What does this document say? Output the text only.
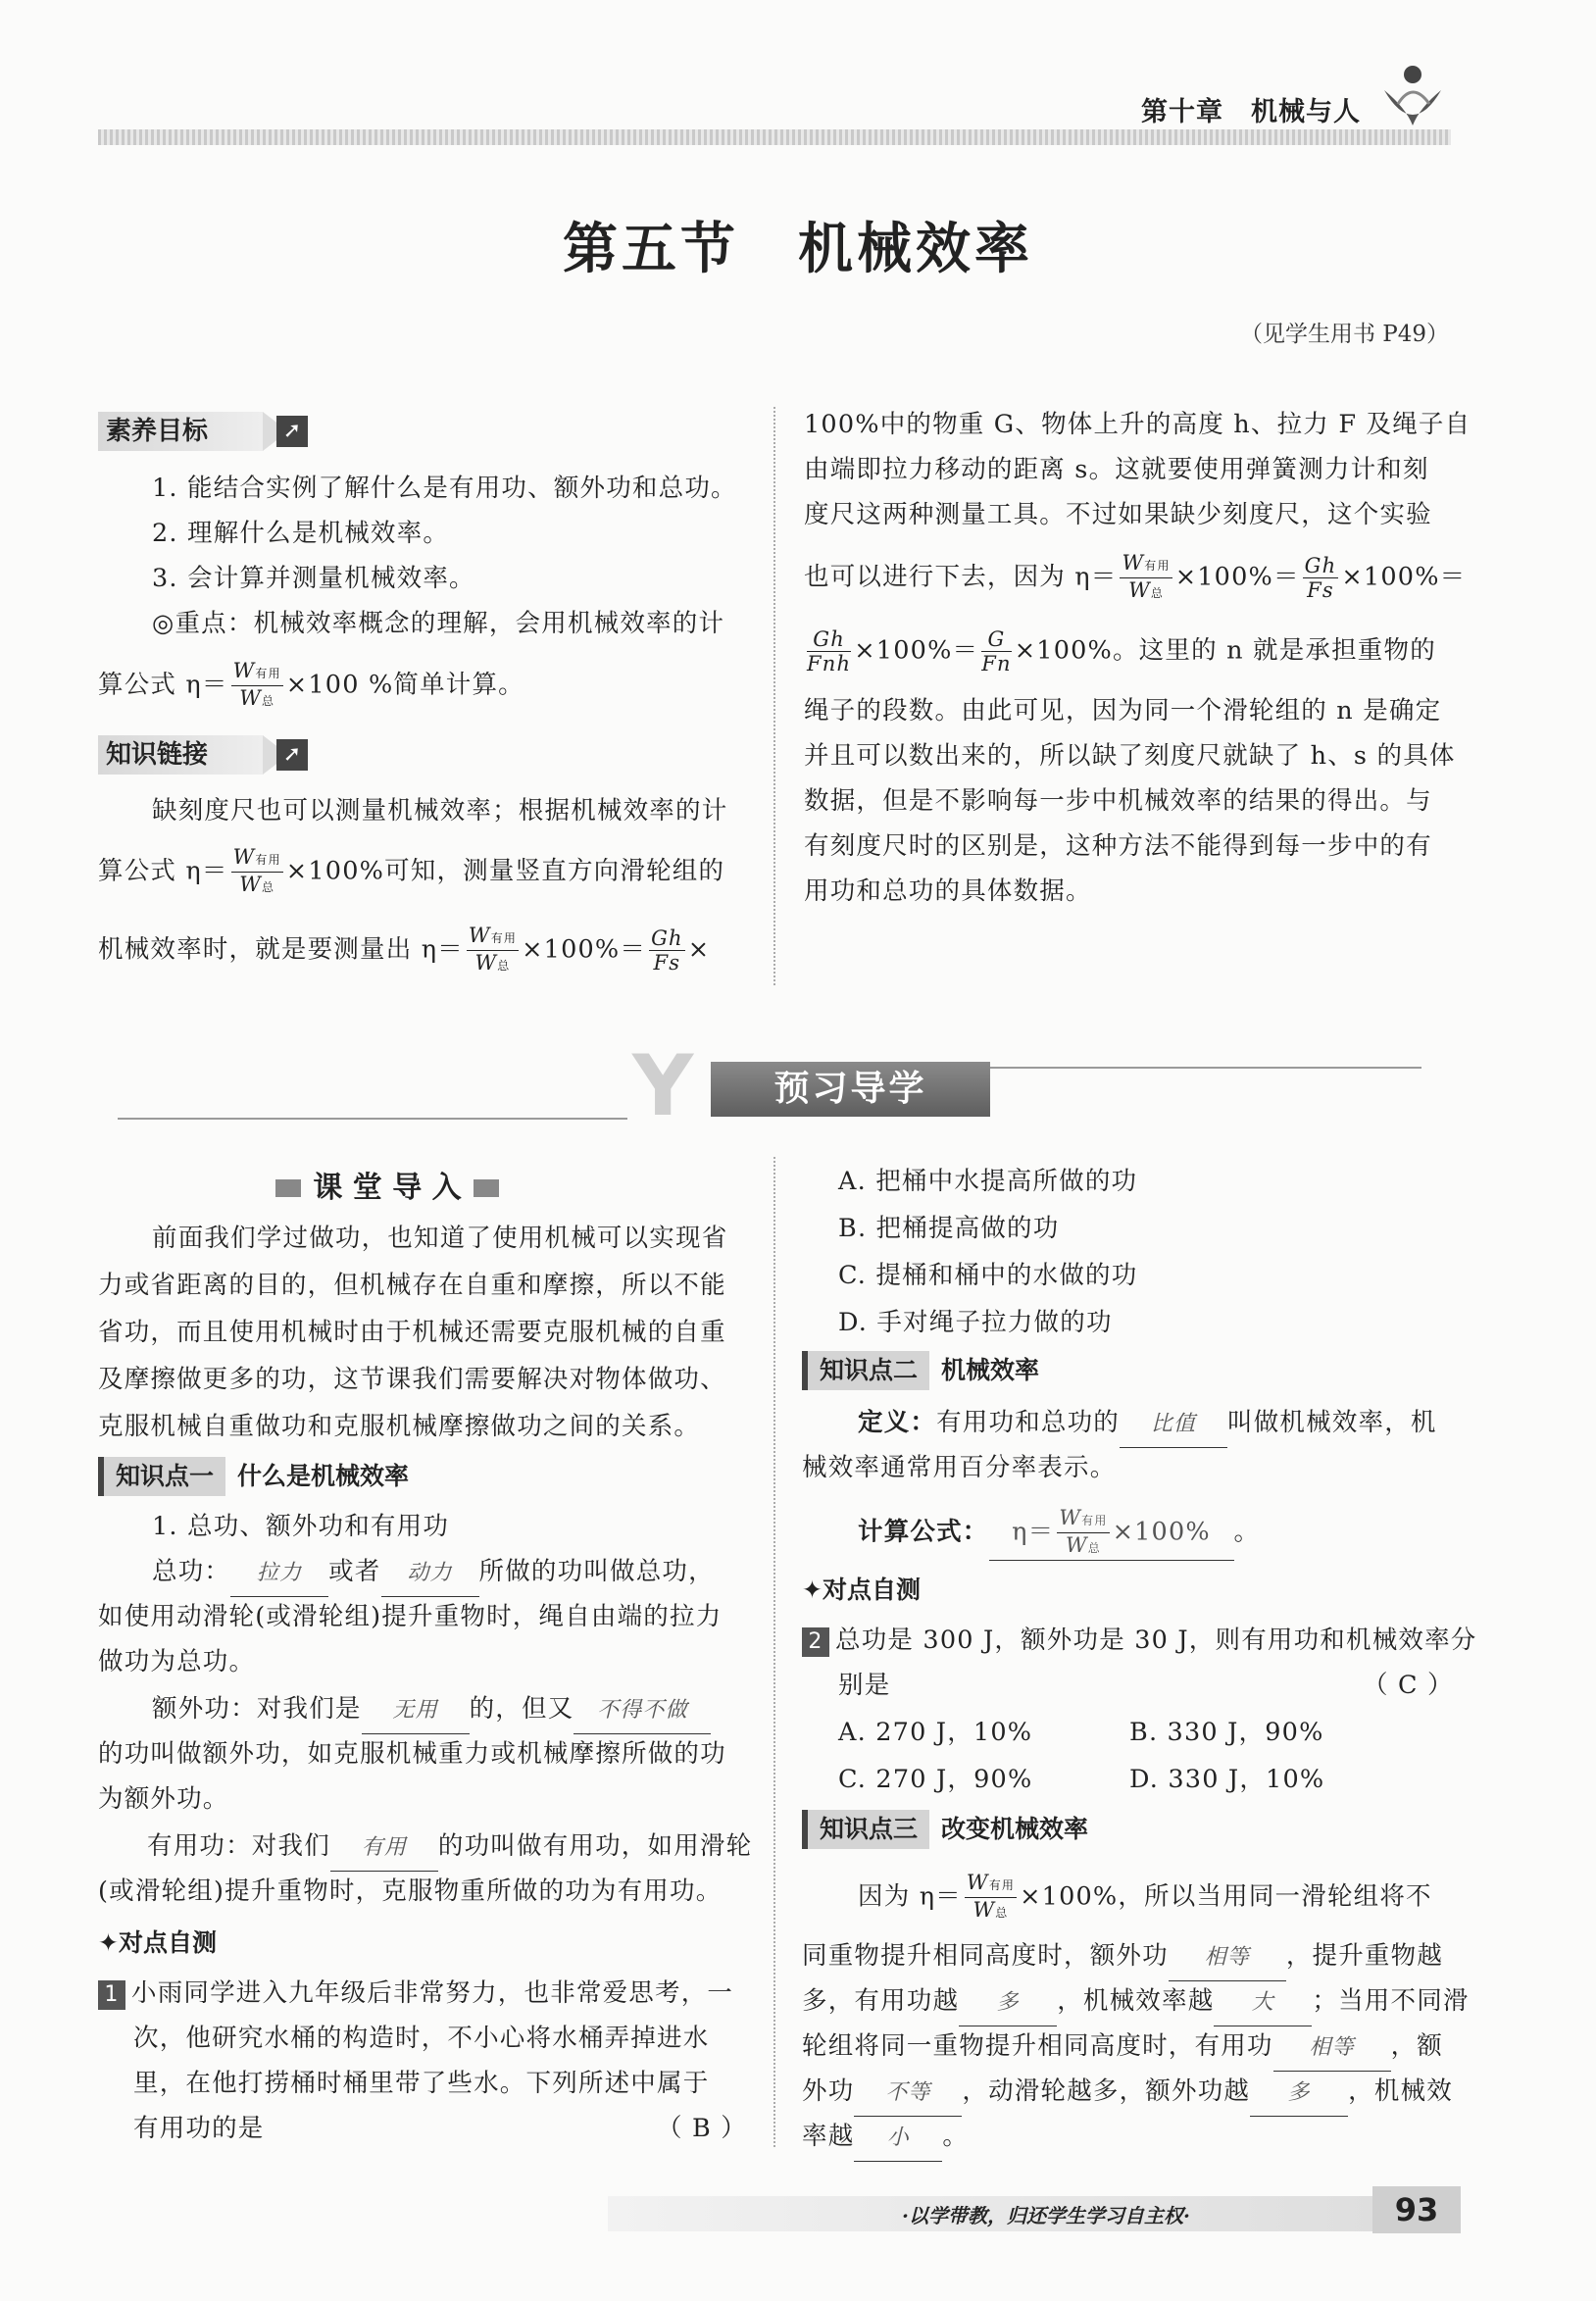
第十章　机械与人
第五节　机械效率
（见学生用书 P49）
素养目标	➚
1. 能结合实例了解什么是有用功、额外功和总功。
2. 理解什么是机械效率。
3. 会计算并测量机械效率。
◎重点：机械效率概念的理解，会用机械效率的计
算公式 $\eta= \frac{\text{W有用}}{\text{W总}} \times 100$ %简单计算。
知识链接	➚
缺刻度尺也可以测量机械效率；根据机械效率的计
算公式 $\eta= \frac{\text{W有用}}{\text{W总}} \times 100\%$可知，测量竖直方向滑轮组的
机械效率时，就是要测量出 $\eta= \frac{\text{W有用}}{\text{W总}} \times 100\%= \frac{Gh}{Fs}$ ×
100%中的物重 G、物体上升的高度 h、拉力 F 及绳子自
由端即拉力移动的距离 s。这就要使用弹簧测力计和刻
度尺这两种测量工具。不过如果缺少刻度尺，这个实验
也可以进行下去，因为 $\eta= \frac{\text{W有用}}{\text{W总}} \times 100\%= \frac{Gh}{Fs} \times 100\%=$
$\frac{Gh}{\text{Fnh}} \times 100\%= \frac{G}{Fn} \times 100\%$。这里的 n 就是承担重物的
绳子的段数。由此可见，因为同一个滑轮组的 n 是确定
并且可以数出来的，所以缺了刻度尺就缺了 h、s 的具体
数据，但是不影响每一步中机械效率的结果的得出。与
有刻度尺时的区别是，这种方法不能得到每一步中的有
用功和总功的具体数据。
Y	预习导学
课 堂 导 入
前面我们学过做功，也知道了使用机械可以实现省
力或省距离的目的，但机械存在自重和摩擦，所以不能
省功，而且使用机械时由于机械还需要克服机械的自重
及摩擦做更多的功，这节课我们需要解决对物体做功、
克服机械自重做功和克服机械摩擦做功之间的关系。
知识点一 什么是机械效率
1. 总功、额外功和有用功
总功： 拉力 或者 动力 所做的功叫做总功，
如使用动滑轮(或滑轮组)提升重物时，绳自由端的拉力
做功为总功。
额外功：对我们是 无用 的，但又 不得不做
的功叫做额外功，如克服机械重力或机械摩擦所做的功
为额外功。
有用功：对我们 有用 的功叫做有用功，如用滑轮
(或滑轮组)提升重物时，克服物重所做的功为有用功。
✦对点自测
1 小雨同学进入九年级后非常努力，也非常爱思考，一
次，他研究水桶的构造时，不小心将水桶弄掉进水
里，在他打捞桶时桶里带了些水。下列所述中属于
有用功的是	（ B ）
A. 把桶中水提高所做的功
B. 把桶提高做的功
C. 提桶和桶中的水做的功
D. 手对绳子拉力做的功
知识点二 机械效率
定义：有用功和总功的 比值 叫做机械效率，机
械效率通常用百分率表示。
计算公式： $\eta= \frac{\text{W有用}}{\text{W总}} \times 100\%$ 。
✦对点自测
2 总功是 300 J，额外功是 30 J，则有用功和机械效率分
别是	（ C ）
A. 270 J，10%	B. 330 J，90%
C. 270 J，90%	D. 330 J，10%
知识点三 改变机械效率
因为 $\eta= \frac{\text{W有用}}{\text{W总}} \times 100\%$，所以当用同一滑轮组将不
同重物提升相同高度时，额外功 相等 ，提升重物越
多，有用功越 多 ，机械效率越 大 ；当用不同滑
轮组将同一重物提升相同高度时，有用功 相等 ，额
外功 不等 ，动滑轮越多，额外功越 多 ，机械效
率越 小 。
·以学带教，归还学生学习自主权·	93
